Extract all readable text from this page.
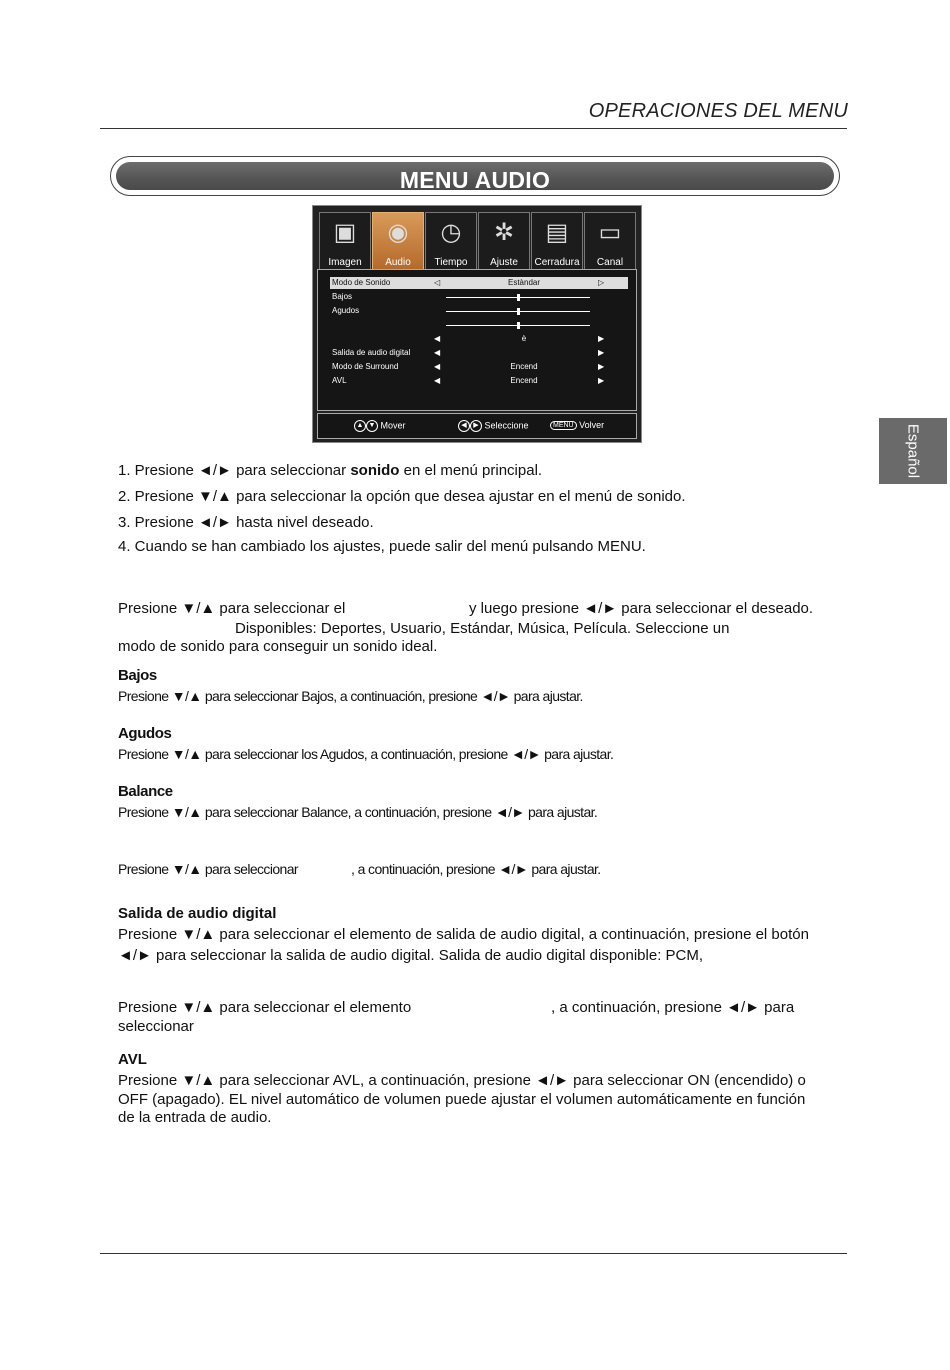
OPERACIONES DEL MENU
MENU AUDIO
Español
▣
Imagen
◉
Audio
◷
Tiempo
✲
Ajuste
▤
Cerradura
▭
Canal
Modo de Sonido	◁	Estàndar	▷
Bajos
Agudos
◀	è	▶
Salida de audio digital	◀	▶
Modo de Surround	◀	Encend	▶
AVL	◀	Encend	▶
▲ ▼ Mover	◀ ▶ Seleccione	MENU Volver
1. Presione ◄/► para seleccionar sonido en el menú principal.
2. Presione ▼/▲ para seleccionar la opción que desea ajustar en el menú de sonido.
3. Presione ◄/► hasta nivel deseado.
4. Cuando se han cambiado los ajustes, puede salir del menú pulsando MENU.
Presione ▼/▲ para seleccionar el	y luego presione ◄/► para seleccionar el deseado.
Disponibles: Deportes, Usuario, Estándar, Música, Película. Seleccione un
modo de sonido para conseguir un sonido ideal.
Bajos
Presione ▼/▲ para seleccionar Bajos, a continuación, presione ◄/► para ajustar.
Agudos
Presione ▼/▲ para seleccionar los Agudos, a continuación, presione ◄/► para ajustar.
Balance
Presione ▼/▲ para seleccionar Balance, a continuación, presione ◄/► para ajustar.
Presione ▼/▲ para seleccionar	, a continuación, presione ◄/► para ajustar.
Salida de audio digital
Presione ▼/▲ para seleccionar el elemento de salida de audio digital, a continuación, presione el botón
◄/► para seleccionar la salida de audio digital. Salida de audio digital disponible: PCM,
Presione ▼/▲ para seleccionar el elemento	, a continuación, presione ◄/► para
seleccionar
AVL
Presione ▼/▲ para seleccionar AVL, a continuación, presione ◄/► para seleccionar ON (encendido) o
OFF (apagado). EL nivel automático de volumen puede ajustar el volumen automáticamente en función
de la entrada de audio.
